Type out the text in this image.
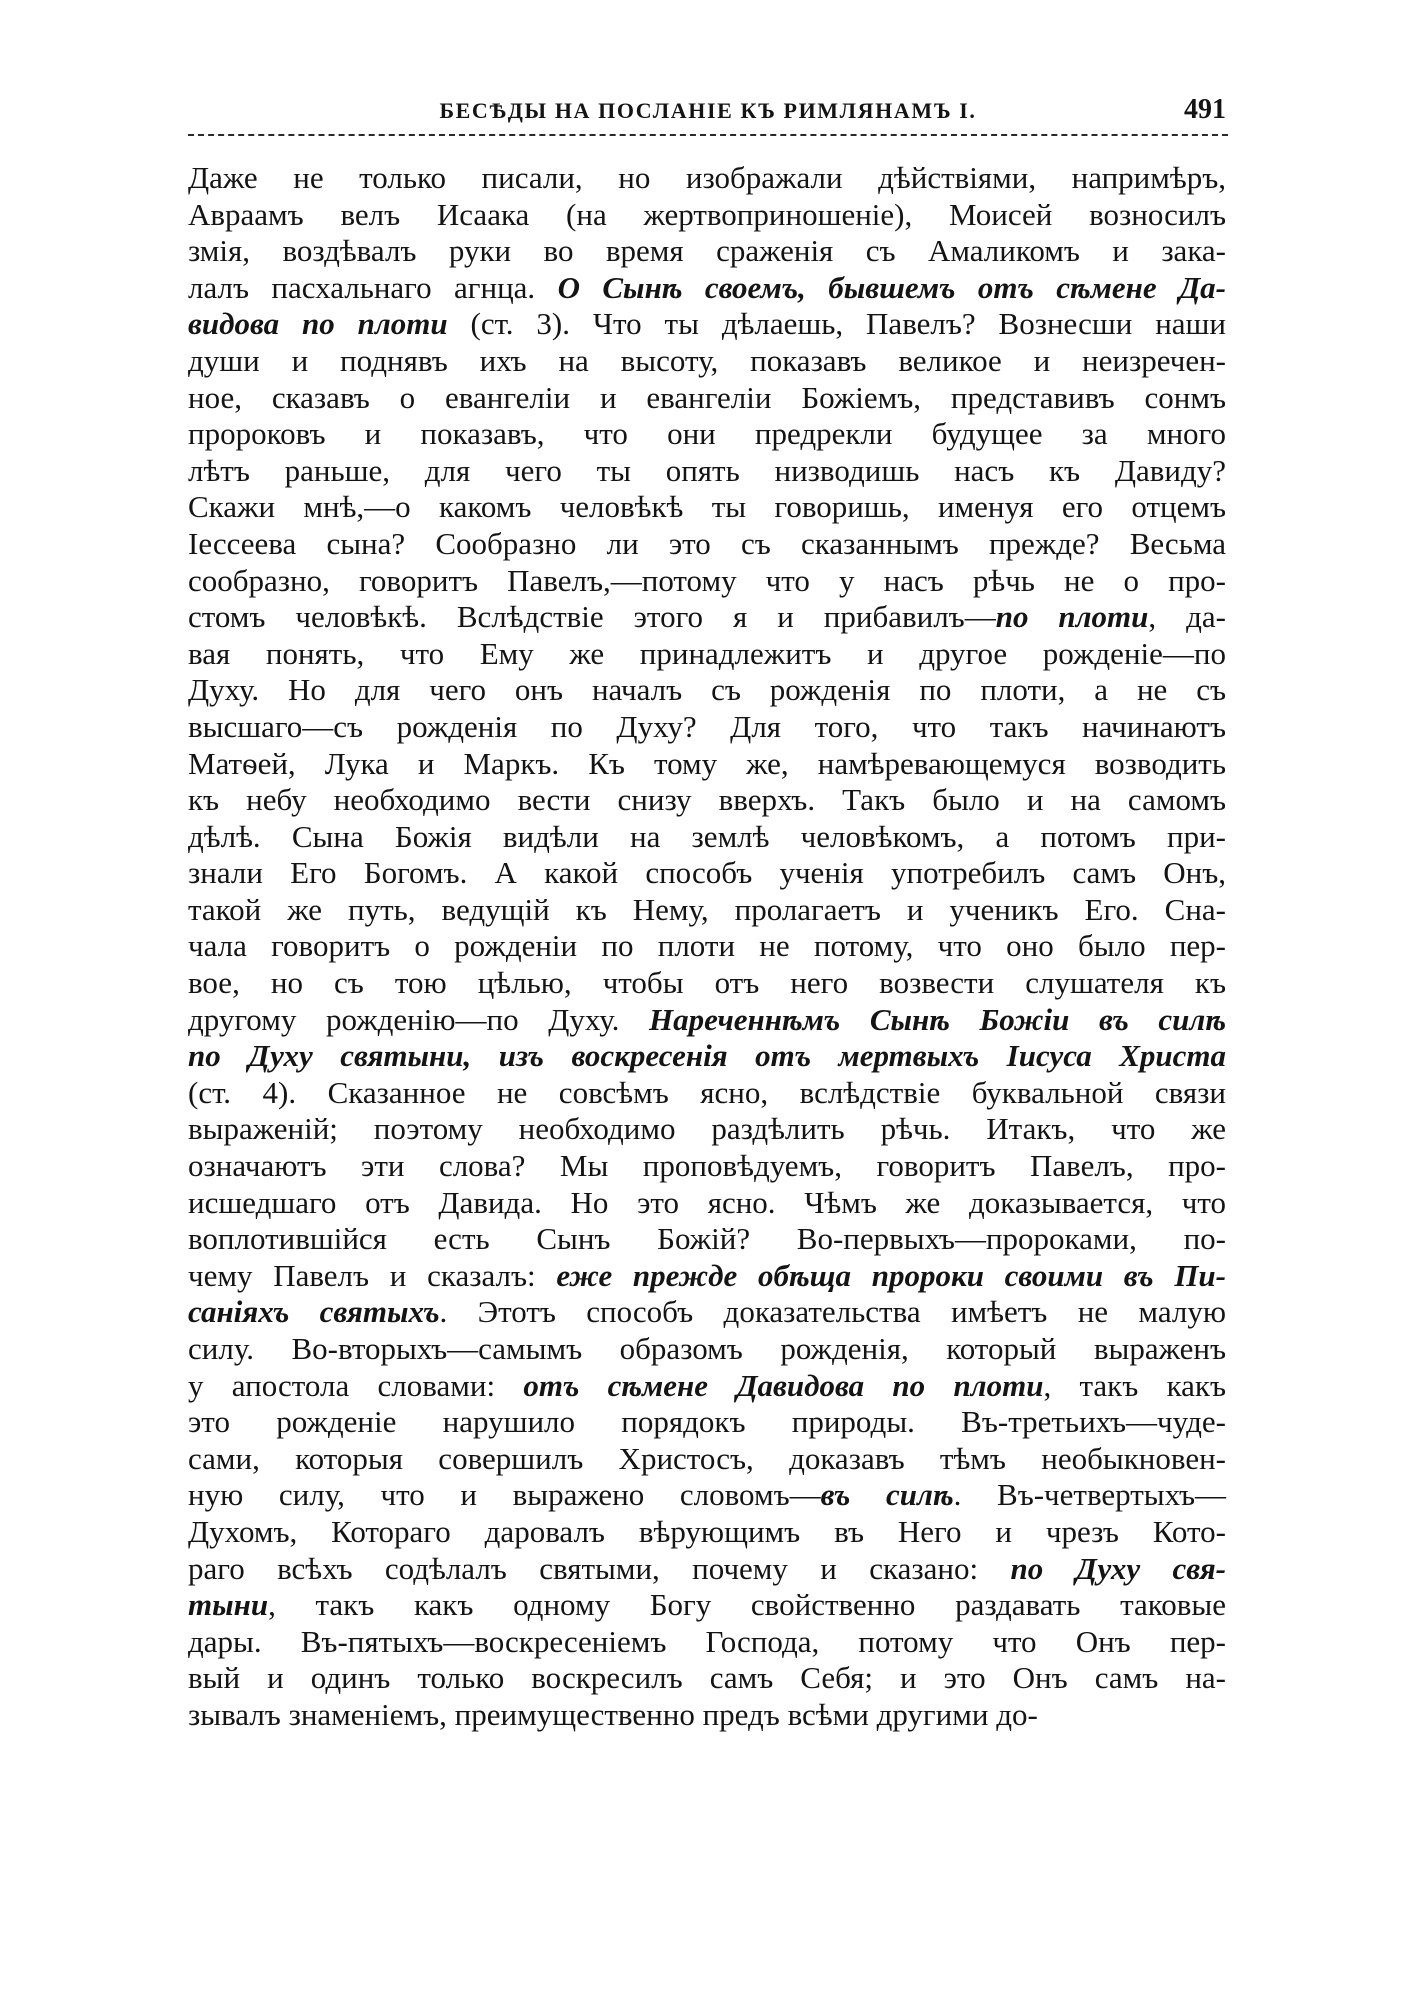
БЕСѢДЫ НА ПОСЛАНІЕ КЪ РИМЛЯНАМЪ I.	491
Даже не только писали, но изображали дѣйствіями, напримѣръ,
Авраамъ велъ Исаака (на жертвоприношеніе), Моисей возносилъ
змія, воздѣвалъ руки во время сраженія съ Амаликомъ и зака-
лалъ пасхальнаго агнца. О Сынѣ своемъ, бывшемъ отъ сѣмене Да-
видова по плоти (ст. 3). Что ты дѣлаешь, Павелъ? Вознесши наши
души и поднявъ ихъ на высоту, показавъ великое и неизречен-
ное, сказавъ о евангеліи и евангеліи Божіемъ, представивъ сонмъ
пророковъ и показавъ, что они предрекли будущее за много
лѣтъ раньше, для чего ты опять низводишь насъ къ Давиду?
Скажи мнѣ,—о какомъ человѣкѣ ты говоришь, именуя его отцемъ
Іессеева сына? Сообразно ли это съ сказаннымъ прежде? Весьма
сообразно, говоритъ Павелъ,—потому что у насъ рѣчь не о про-
стомъ человѣкѣ. Вслѣдствіе этого я и прибавилъ—по плоти, да-
вая понять, что Ему же принадлежитъ и другое рожденіе—по
Духу. Но для чего онъ началъ съ рожденія по плоти, а не съ
высшаго—съ рожденія по Духу? Для того, что такъ начинаютъ
Матѳей, Лука и Маркъ. Къ тому же, намѣревающемуся возводить
къ небу необходимо вести снизу вверхъ. Такъ было и на самомъ
дѣлѣ. Сына Божія видѣли на землѣ человѣкомъ, а потомъ при-
знали Его Богомъ. А какой способъ ученія употребилъ самъ Онъ,
такой же путь, ведущій къ Нему, пролагаетъ и ученикъ Его. Сна-
чала говоритъ о рожденіи по плоти не потому, что оно было пер-
вое, но съ тою цѣлью, чтобы отъ него возвести слушателя къ
другому рожденію—по Духу. Нареченнѣмъ Сынѣ Божіи въ силѣ
по Духу святыни, изъ воскресенія отъ мертвыхъ Іисуса Христа
(ст. 4). Сказанное не совсѣмъ ясно, вслѣдствіе буквальной связи
выраженій; поэтому необходимо раздѣлить рѣчь. Итакъ, что же
означаютъ эти слова? Мы проповѣдуемъ, говоритъ Павелъ, про-
исшедшаго отъ Давида. Но это ясно. Чѣмъ же доказывается, что
воплотившійся есть Сынъ Божій? Во-первыхъ—пророками, по-
чему Павелъ и сказалъ: еже прежде обѣща пророки своими въ Пи-
саніяхъ святыхъ. Этотъ способъ доказательства имѣетъ не малую
силу. Во-вторыхъ—самымъ образомъ рожденія, который выраженъ
у апостола словами: отъ сѣмене Давидова по плоти, такъ какъ
это рожденіе нарушило порядокъ природы. Въ-третьихъ—чуде-
сами, которыя совершилъ Христосъ, доказавъ тѣмъ необыкновен-
ную силу, что и выражено словомъ—въ силѣ. Въ-четвертыхъ—
Духомъ, Котораго даровалъ вѣрующимъ въ Него и чрезъ Кото-
раго всѣхъ содѣлалъ святыми, почему и сказано: по Духу свя-
тыни, такъ какъ одному Богу свойственно раздавать таковые
дары. Въ-пятыхъ—воскресеніемъ Господа, потому что Онъ пер-
вый и одинъ только воскресилъ самъ Себя; и это Онъ самъ на-
зывалъ знаменіемъ, преимущественно предъ всѣми другими до-
